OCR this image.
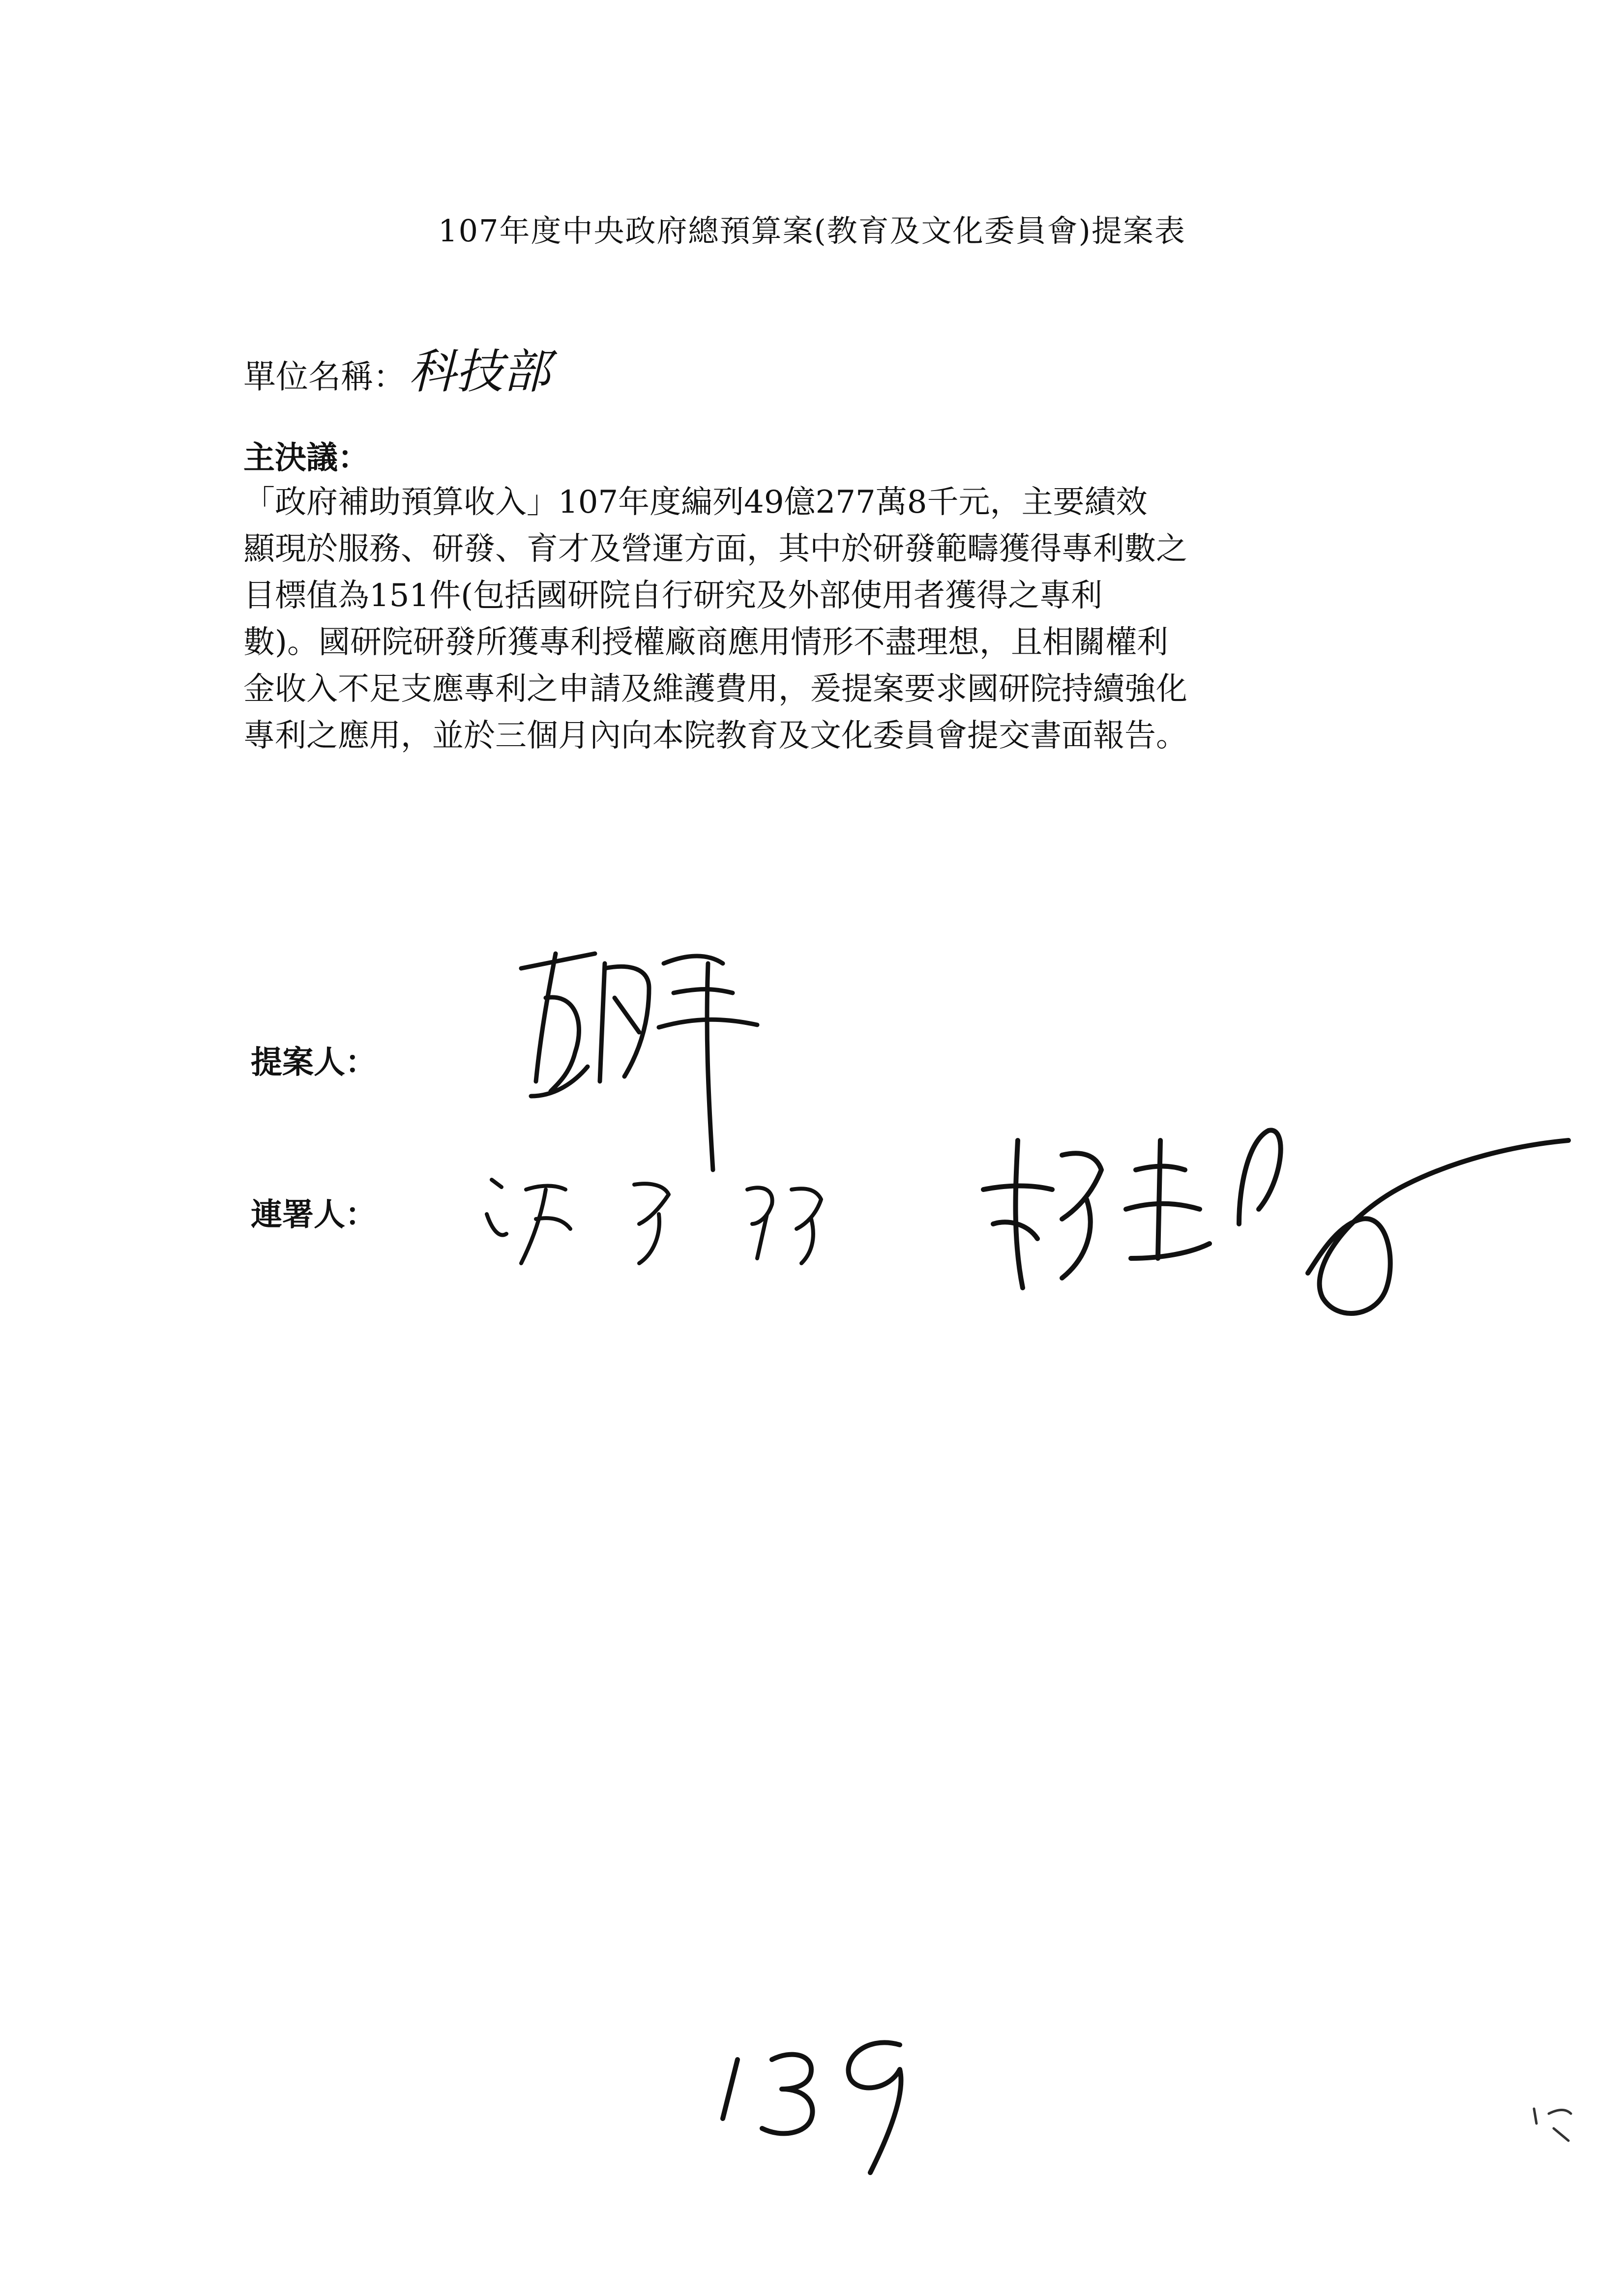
107年度中央政府總預算案(教育及文化委員會)提案表
單位名稱： 科技部
主決議：
「政府補助預算收入」107年度編列49億277萬8千元，主要績效
顯現於服務、研發、育才及營運方面，其中於研發範疇獲得專利數之
目標值為151件(包括國研院自行研究及外部使用者獲得之專利
數)。國研院研發所獲專利授權廠商應用情形不盡理想，且相關權利
金收入不足支應專利之申請及維護費用，爰提案要求國研院持續強化
專利之應用，並於三個月內向本院教育及文化委員會提交書面報告。
提案人：
連署人：
